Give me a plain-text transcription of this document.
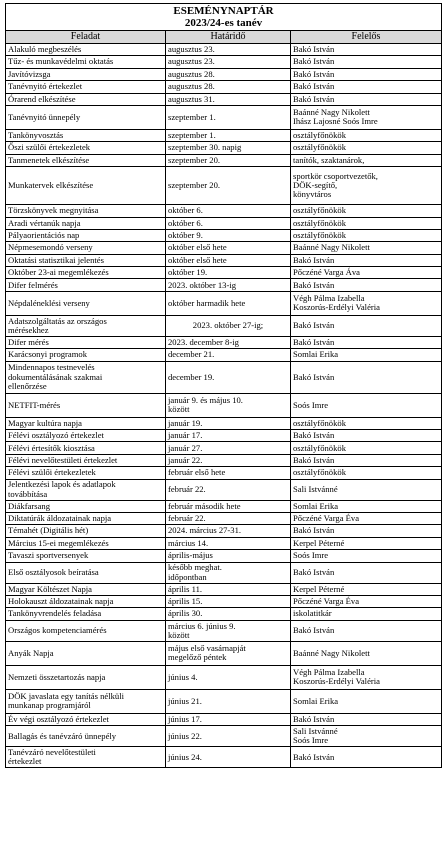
ESEMÉNYNAPTÁR
2023/24-es tanév		

Feladat	Határidő	Felelős

Alakuló megbeszélés	augusztus 23.	Bakó István

Tűz- és munkavédelmi oktatás	augusztus 23.	Bakó István

Javítóvizsga	augusztus 28.	Bakó István

Tanévnyitó értekezlet	augusztus 28.	Bakó István

Órarend elkészítése	augusztus 31.	Bakó István

Tanévnyitó ünnepély	szeptember 1.	Baánné Nagy Nikolett
Ihász Lajosné Soós Imre

Tankönyvosztás	szeptember 1.	osztályfőnökök

Őszi szülői értekezletek	szeptember 30. napig	osztályfőnökök

Tanmenetek elkészítése	szeptember 20.	tanítók, szaktanárok,

Munkatervek elkészítése	szeptember 20.	sportkör csoportvezetők,
DÖK-segítő,
könyvtáros

Törzskönyvek megnyitása	október 6.	osztályfőnökök

Aradi vértanúk napja	október 6.	osztályfőnökök

Pályaorientációs nap	október 9.	osztályfőnökök

Népmesemondó verseny	október első hete	Baánné Nagy Nikolett

Oktatási statisztikai jelentés	október első hete	Bakó István

Október 23-ai megemlékezés	október 19.	Pőczéné Varga Áva

Difer felmérés	2023. október 13-ig	Bakó István

Népdaléneklési verseny	október harmadik hete	Végh Pálma Izabella
Koszorús-Erdélyi Valéria

Adatszolgáltatás az országos
mérésekhez	2023. október 27-ig;	Bakó István

Difer mérés	2023. december 8-ig	Bakó István

Karácsonyi programok	december 21.	Somlai Erika

Mindennapos testnevelés
dokumentálásának szakmai
ellenőrzése	december 19.	Bakó István

NETFIT-mérés	január 9. és május 10.
között	Soós Imre

Magyar kultúra napja	január 19.	osztályfőnökök

Félévi osztályozó értekezlet	január 17.	Bakó István

Félévi értesítők kiosztása	január 27.	osztályfőnökök

Félévi nevelőtestületi értekezlet	január 22.	Bakó István

Félévi szülői értekezletek	február első hete	osztályfőnökök

Jelentkezési lapok és adatlapok
továbbítása	február 22.	Sali Istvánné

Diákfarsang	február második hete	Somlai Erika

Diktatúrák áldozatainak napja	február 22.	Pőczéné Varga Éva

Témahét (Digitális hét)	2024. március 27-31.	Bakó István

Március 15-ei megemlékezés	március 14.	Kerpel Péterné

Tavaszi sportversenyek	április-május	Soós Imre

Első osztályosok beíratása	később meghat.
időpontban	Bakó István

Magyar Költészet Napja	április 11.	Kerpel Péterné

Holokauszt áldozatainak napja	április 15.	Pőczéné Varga Éva

Tankönyvrendelés feladása	április 30.	iskolatitkár

Országos kompetenciamérés	március 6. június 9.
között	Bakó István

Anyák Napja	május első vasárnapját
megelőző péntek	Baánné Nagy Nikolett

Nemzeti összetartozás napja	június 4.	Végh Pálma Izabella
Koszorús-Erdélyi Valéria

DÖK javaslata egy tanítás nélküli
munkanap programjáról	június 21.	Somlai Erika

Év végi osztályozó értekezlet	június 17.	Bakó István

Ballagás és tanévzáró ünnepély	június 22.	Sali Istvánné
Soós Imre

Tanévzáró nevelőtestületi
értekezlet	június 24.	Bakó István
